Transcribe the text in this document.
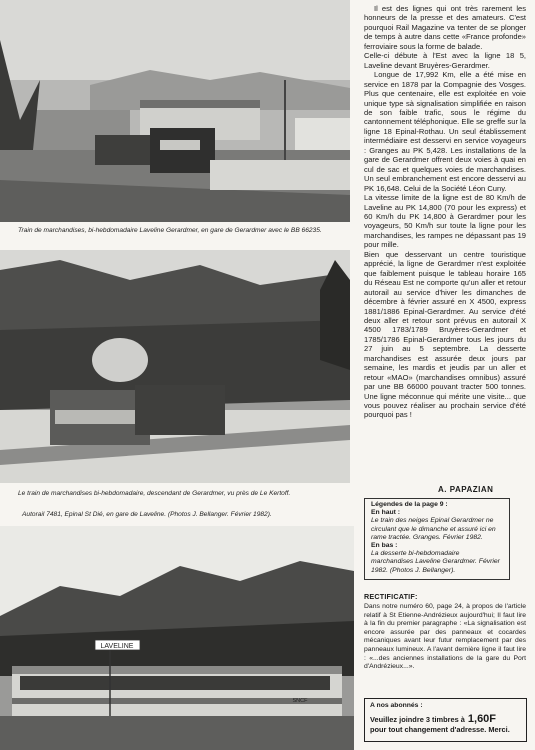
Train de marchandises, bi-hebdomadaire Laveline Gerardmer, en gare de Gerardmer avec le BB 66235.
Le train de marchandises bi-hebdomadaire, descendant de Gerardmer, vu près de Le Kertoff.
Autorail 7481, Epinal St Dié, en gare de Laveline. (Photos J. Bellanger. Février 1982).
LAVELINE
SNCF

Il est des lignes qui ont très rarement les honneurs de la presse et des amateurs. C'est pourquoi Rail Magazine va tenter de se plonger de temps à autre dans cette «France profonde» ferroviaire sous la forme de balade.

Celle-ci débute à l'Est avec la ligne 18 5, Laveline devant Bruyères-Gerardmer.

Longue de 17,992 Km, elle a été mise en service en 1878 par la Compagnie des Vosges. Plus que centenaire, elle est exploitée en voie unique type sà signalisation simplifiée en raison de son faible trafic, sous le régime du cantonnement téléphonique. Elle se greffe sur la ligne 18 Epinal-Rothau. Un seul établissement intermédiaire est desservi en service voyageurs : Granges au PK 5,428. Les installations de la gare de Gerardmer offrent deux voies à quai en cul de sac et quelques voies de marchandises. Un seul embranchement est encore desservi au PK 16,648. Celui de la Société Léon Cuny.

La vitesse limite de la ligne est de 80 Km/h de Laveline au PK 14,800 (70 pour les express) et 60 Km/h du PK 14,800 à Gerardmer pour les voyageurs, 50 Km/h sur toute la ligne pour les marchandises, les rampes ne dépassant pas 19 pour mille.

Bien que desservant un centre touristique apprécié, la ligne de Gerardmer n'est exploitée que faiblement puisque le tableau horaire 165 du Réseau Est ne comporte qu'un aller et retour autorail au service d'hiver les dimanches de décembre à février assuré en X 4500, express 1881/1886 Epinal-Gerardmer. Au service d'été deux aller et retour sont prévus en autorail X 4500 1783/1789 Bruyères-Gerardmer et 1785/1786 Epinal-Gerardmer tous les jours du 27 juin au 5 septembre. La desserte marchandises est assurée deux jours par semaine, les mardis et jeudis par un aller et retour «MAO» (marchandises omnibus) assuré par une BB 66000 pouvant tracter 500 tonnes. Une ligne méconnue qui mérite une visite... que vous pouvez réaliser au prochain service d'été pourquoi pas !

A. PAPAZIAN
Légendes de la page 9 :
En haut :
Le train des neiges Epinal Gerardmer ne circulant que le dimanche et assuré ici en rame tractée. Granges. Février 1982.
En bas :
La desserte bi-hebdomadaire marchandises Laveline Gerardmer. Février 1982. (Photos J. Bellanger).
RECTIFICATIF:
Dans notre numéro 60, page 24, à propos de l'article relatif à St Etienne-Andrézieux aujourd'hui; Il faut lire à la fin du premier paragraphe : «La signalisation est encore assurée par des panneaux et cocardes mécaniques avant leur futur remplacement par des panneaux lumineux. A l'avant dernière ligne il faut lire : «...des anciennes installations de la gare du Port d'Andrézieux...».
A nos abonnés :
Veuillez joindre 3 timbres à 1,60F
pour tout changement d'adresse. Merci.
